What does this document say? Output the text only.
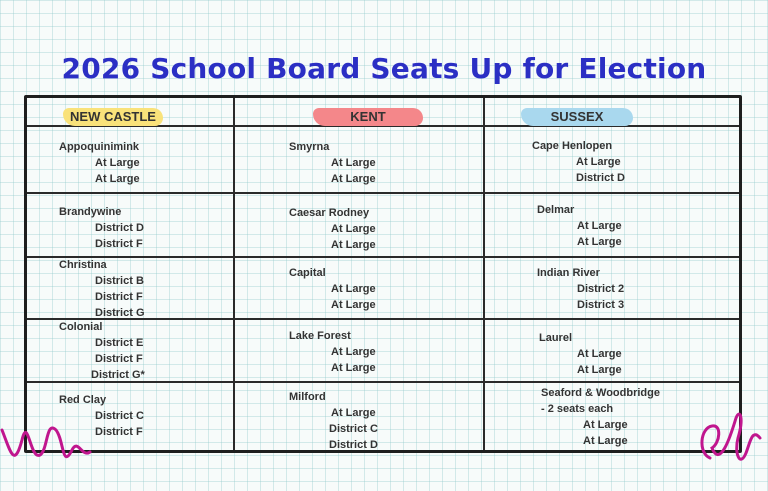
2026 School Board Seats Up for Election
NEW CASTLE	KENT	SUSSEX
Appoquinimink
At Large
At Large
Brandywine
District D
District F
Christina
District B
District F
District G
Colonial
District E
District F
District G*
Red Clay
District C
District F
Smyrna
At Large
At Large
Caesar Rodney
At Large
At Large
Capital
At Large
At Large
Lake Forest
At Large
At Large
Milford
At Large
District C
District D
Cape Henlopen
At Large
District D
Delmar
At Large
At Large
Indian River
District 2
District 3
Laurel
At Large
At Large
Seaford & Woodbridge
- 2 seats each
At Large
At Large
